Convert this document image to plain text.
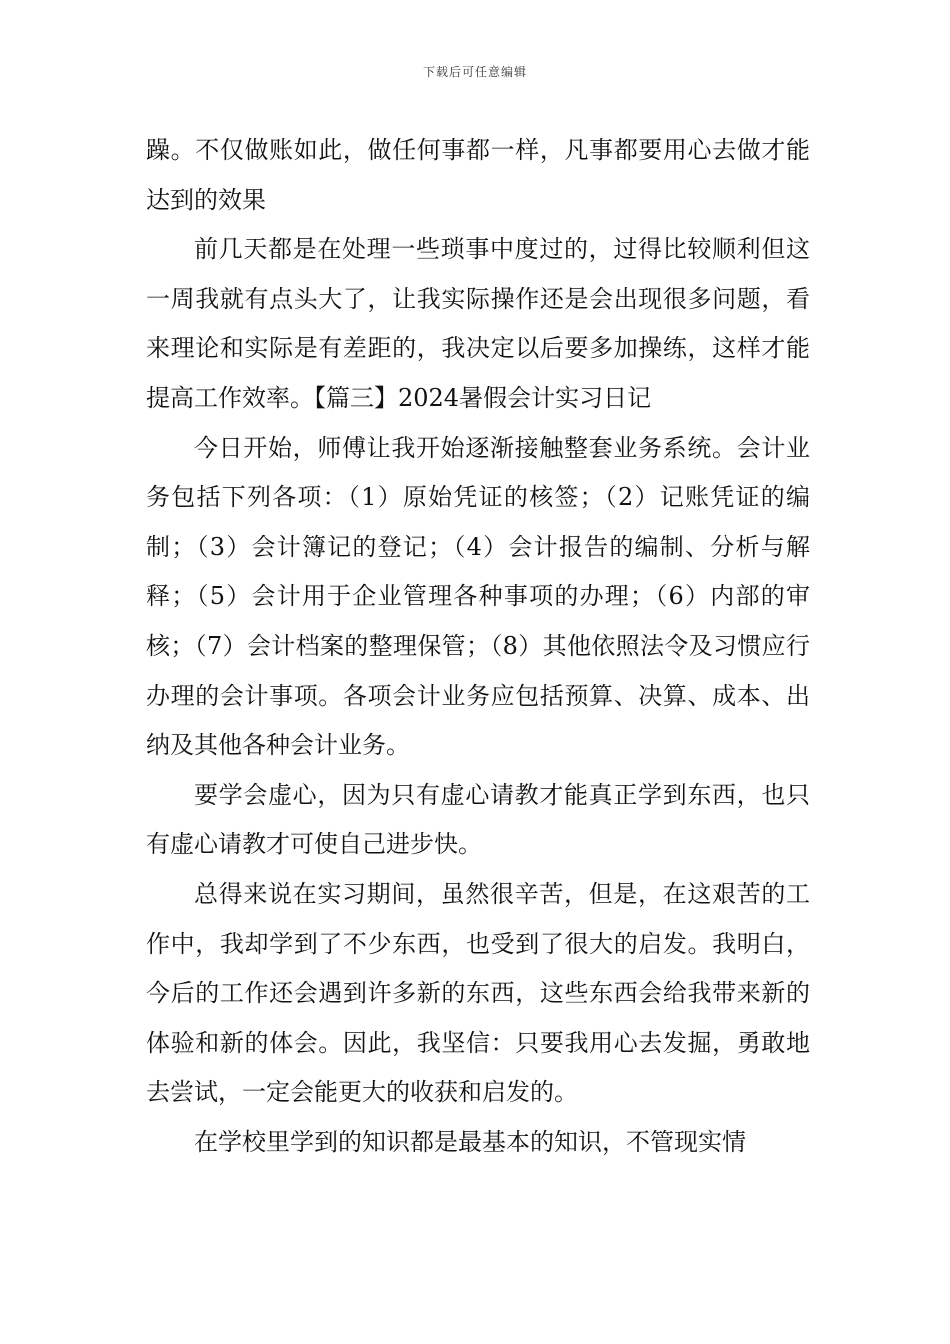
下载后可任意编辑

躁。不仅做账如此，做任何事都一样，凡事都要用心去做才能达到的效果

前几天都是在处理一些琐事中度过的，过得比较顺利但这一周我就有点头大了，让我实际操作还是会出现很多问题，看来理论和实际是有差距的，我决定以后要多加操练，这样才能提高工作效率。【篇三】2024暑假会计实习日记

今日开始，师傅让我开始逐渐接触整套业务系统。会计业务包括下列各项：（1）原始凭证的核签；（2）记账凭证的编制；（3）会计簿记的登记；（4）会计报告的编制、分析与解释；（5）会计用于企业管理各种事项的办理；（6）内部的审核；（7）会计档案的整理保管；（8）其他依照法令及习惯应行办理的会计事项。各项会计业务应包括预算、决算、成本、出纳及其他各种会计业务。

要学会虚心，因为只有虚心请教才能真正学到东西，也只有虚心请教才可使自己进步快。

总得来说在实习期间，虽然很辛苦，但是，在这艰苦的工作中，我却学到了不少东西，也受到了很大的启发。我明白，今后的工作还会遇到许多新的东西，这些东西会给我带来新的体验和新的体会。因此，我坚信：只要我用心去发掘，勇敢地去尝试，一定会能更大的收获和启发的。

在学校里学到的知识都是最基本的知识，不管现实情
